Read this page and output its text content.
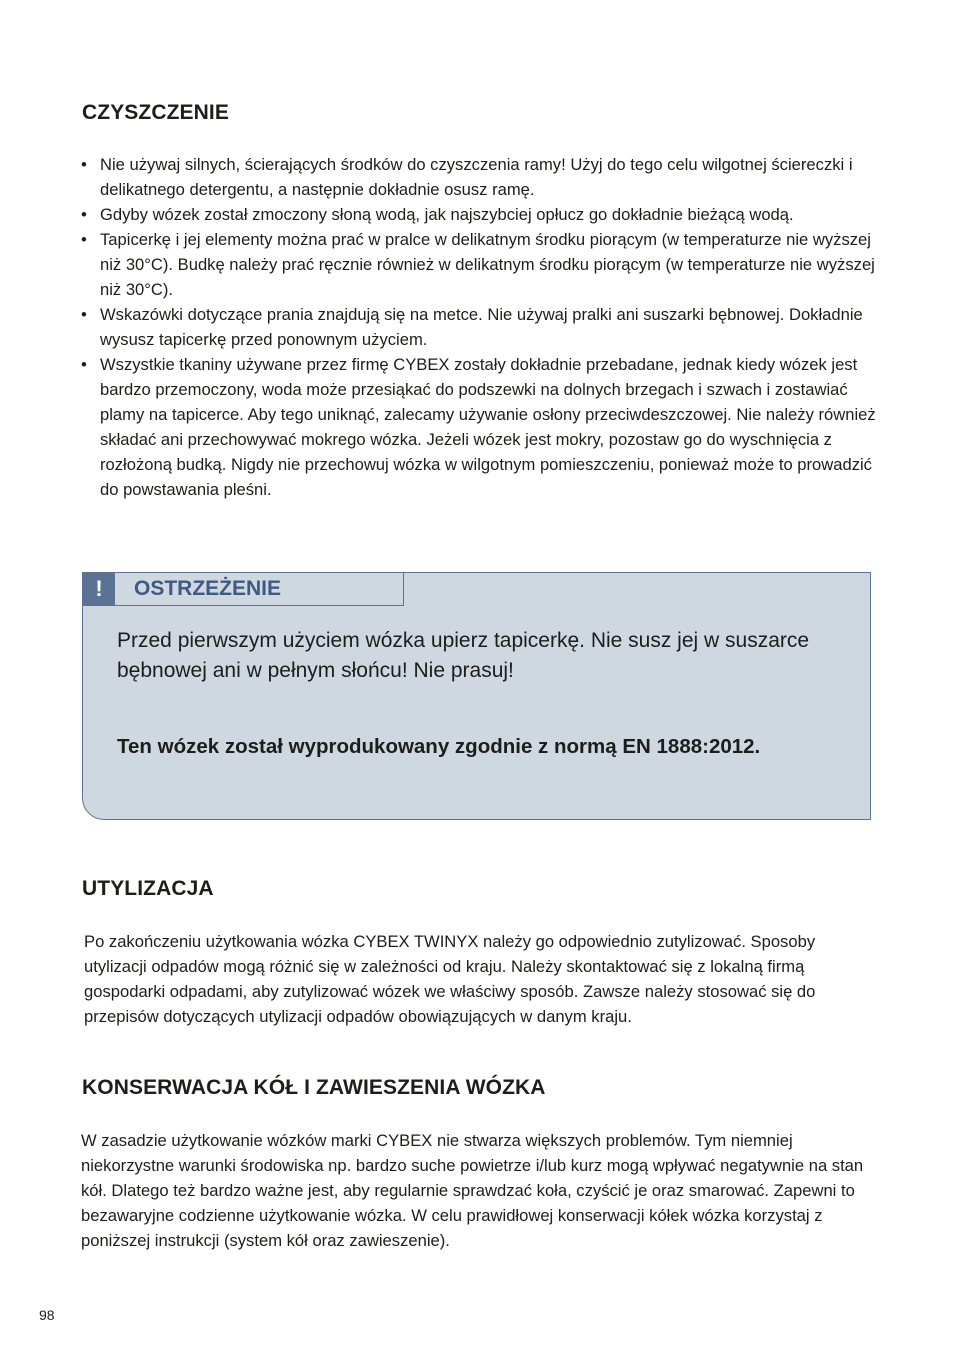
CZYSZCZENIE
• Nie używaj silnych, ścierających środków do czyszczenia ramy! Użyj do tego celu wilgotnej ściereczki i delikatnego detergentu, a następnie dokładnie osusz ramę.
• Gdyby wózek został zmoczony słoną wodą, jak najszybciej opłucz go dokładnie bieżącą wodą.
• Tapicerkę i jej elementy można prać w pralce w delikatnym środku piorącym (w temperaturze nie wyższej niż 30°C). Budkę należy prać ręcznie również w delikatnym środku piorącym (w temperaturze nie wyższej niż 30°C).
• Wskazówki dotyczące prania znajdują się na metce. Nie używaj pralki ani suszarki bębnowej. Dokładnie wysusz tapicerkę przed ponownym użyciem.
• Wszystkie tkaniny używane przez firmę CYBEX zostały dokładnie przebadane, jednak kiedy wózek jest bardzo przemoczony, woda może przesiąkać do podszewki na dolnych brzegach i szwach i zostawiać plamy na tapicerce. Aby tego uniknąć, zalecamy używanie osłony przeciwdeszczowej. Nie należy również składać ani przechowywać mokrego wózka. Jeżeli wózek jest mokry, pozostaw go do wyschnięcia z rozłożoną budką. Nigdy nie przechowuj wózka w wilgotnym pomieszczeniu, ponieważ może to prowadzić do powstawania pleśni.
!	OSTRZEŻENIE

Przed pierwszym użyciem wózka upierz tapicerkę. Nie susz jej w suszarce bębnowej ani w pełnym słońcu! Nie prasuj!

Ten wózek został wyprodukowany zgodnie z normą EN 1888:2012.

UTYLIZACJA

Po zakończeniu użytkowania wózka CYBEX TWINYX należy go odpowiednio zutylizować. Sposoby utylizacji odpadów mogą różnić się w zależności od kraju. Należy skontaktować się z lokalną firmą gospodarki odpadami, aby zutylizować wózek we właściwy sposób. Zawsze należy stosować się do przepisów dotyczących utylizacji odpadów obowiązujących w danym kraju.

KONSERWACJA KÓŁ I ZAWIESZENIA WÓZKA

W zasadzie użytkowanie wózków marki CYBEX nie stwarza większych problemów. Tym niemniej niekorzystne warunki środowiska np. bardzo suche powietrze i/lub kurz mogą wpływać negatywnie na stan kół. Dlatego też bardzo ważne jest, aby regularnie sprawdzać koła, czyścić je oraz smarować. Zapewni to bezawaryjne codzienne użytkowanie wózka. W celu prawidłowej konserwacji kółek wózka korzystaj z poniższej instrukcji (system kół oraz zawieszenie).

98
